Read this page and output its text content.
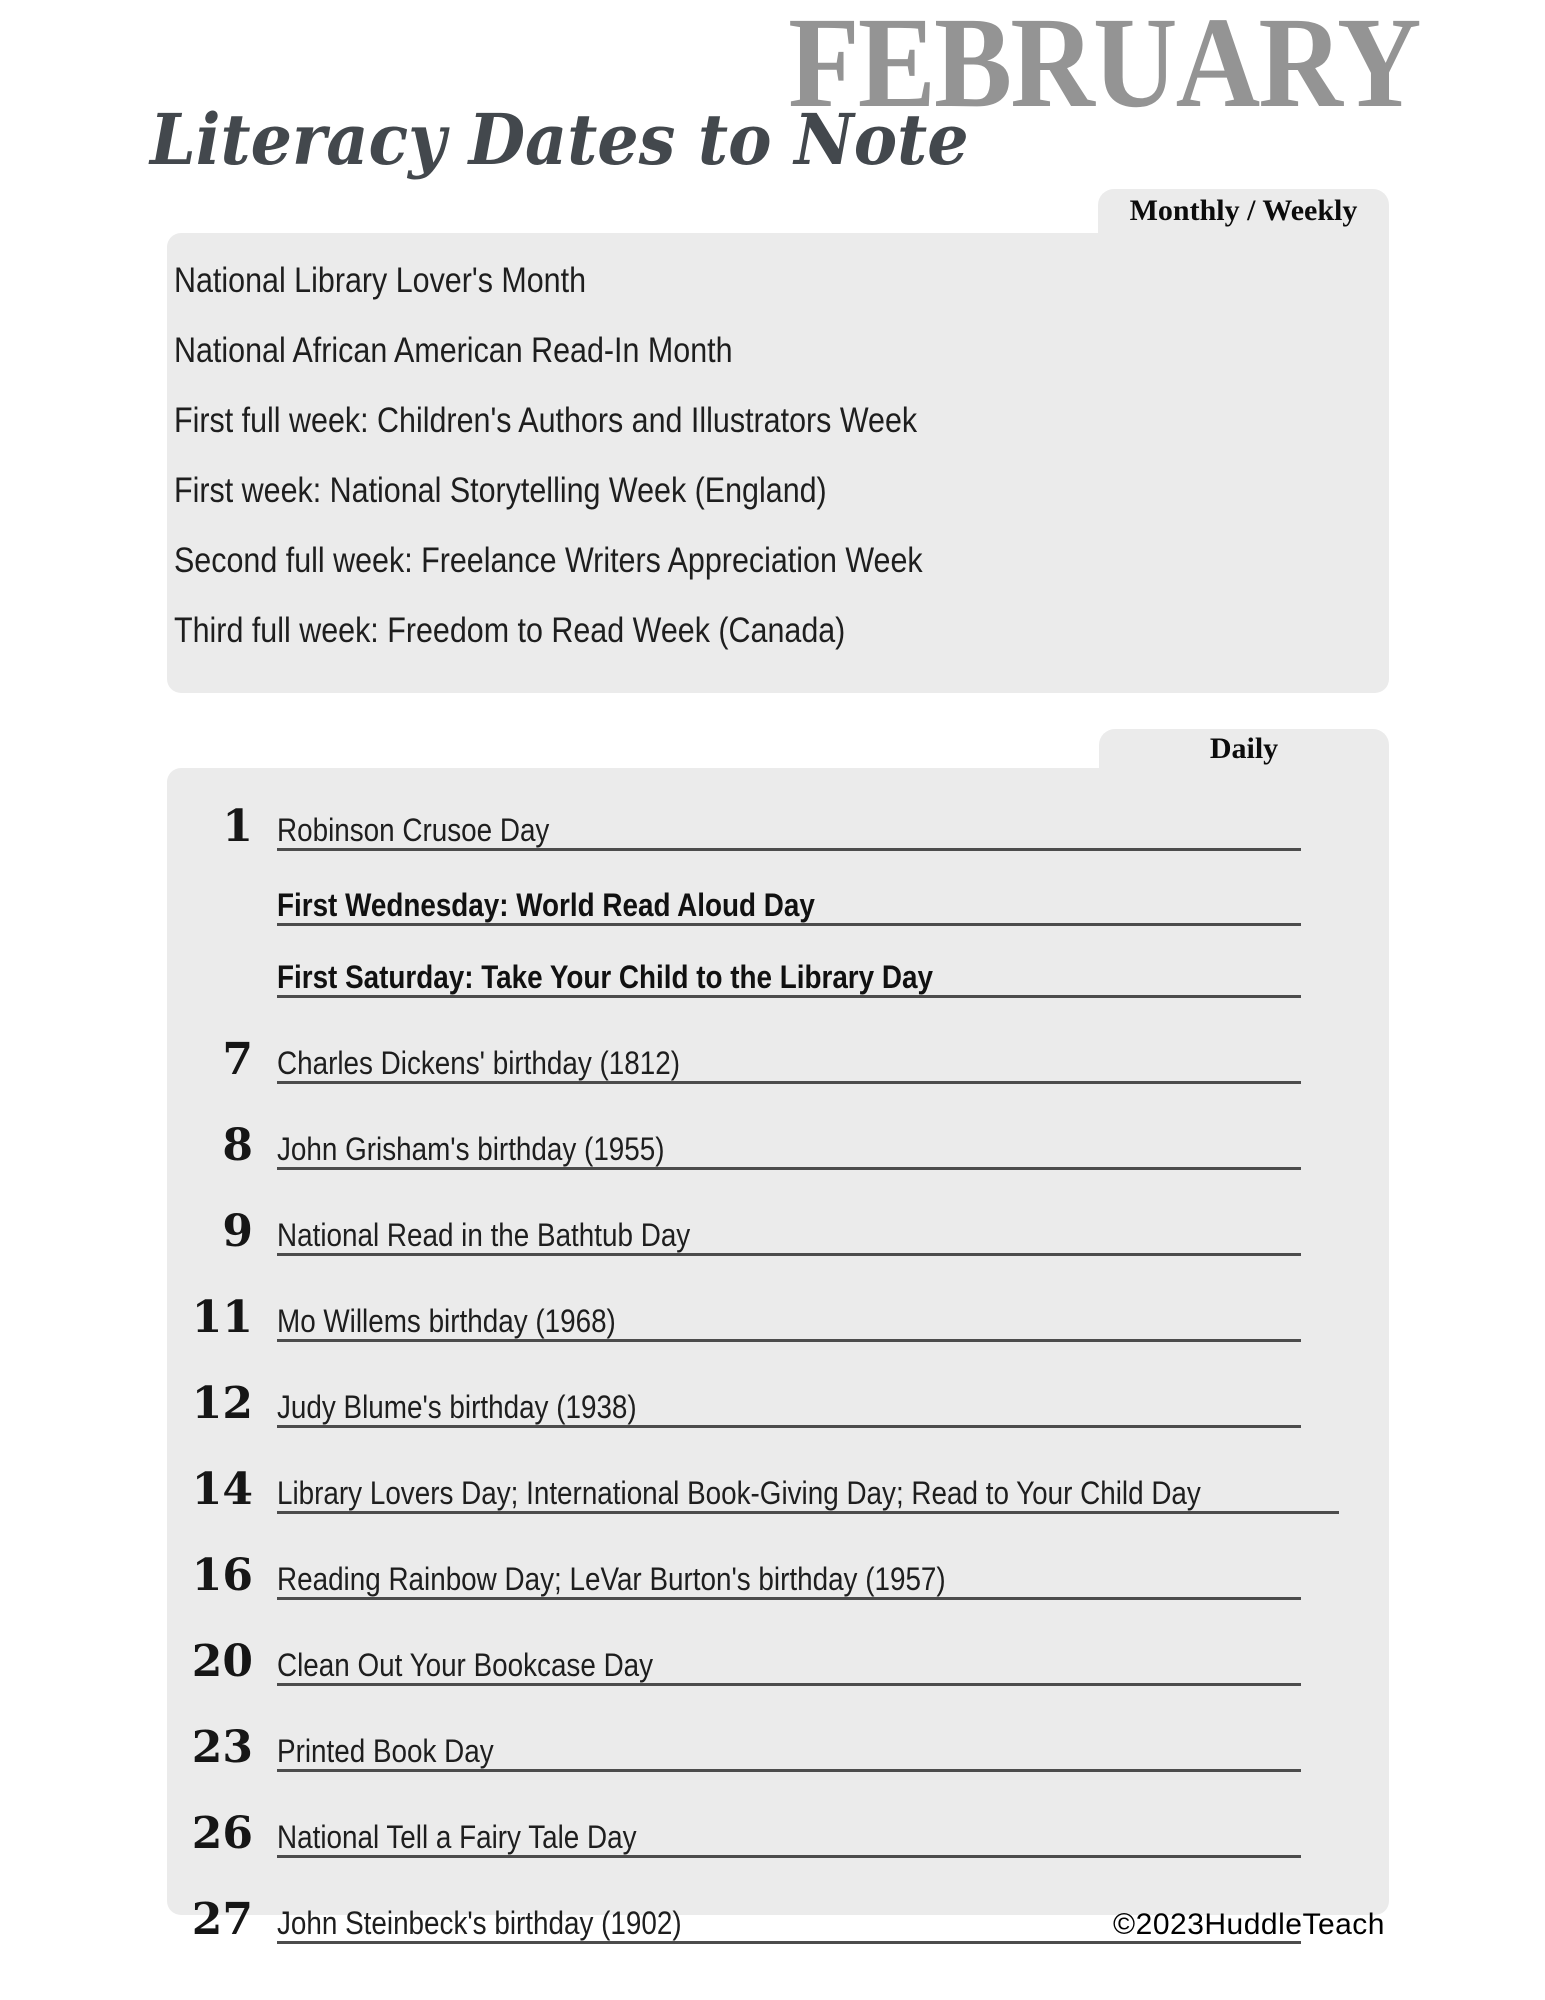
FEBRUARY
Literacy Dates to Note
Monthly / Weekly
National Library Lover's Month
National African American Read-In Month
First full week: Children's Authors and Illustrators Week
First week: National Storytelling Week (England)
Second full week: Freelance Writers Appreciation Week
Third full week: Freedom to Read Week (Canada)
Daily
1 Robinson Crusoe Day
First Wednesday: World Read Aloud Day
First Saturday: Take Your Child to the Library Day
7 Charles Dickens' birthday (1812)
8 John Grisham's birthday (1955)
9 National Read in the Bathtub Day
11 Mo Willems birthday (1968)
12 Judy Blume's birthday (1938)
14 Library Lovers Day; International Book-Giving Day; Read to Your Child Day
16 Reading Rainbow Day; LeVar Burton's birthday (1957)
20 Clean Out Your Bookcase Day
23 Printed Book Day
26 National Tell a Fairy Tale Day
27 John Steinbeck's birthday (1902)	©2023HuddleTeach
